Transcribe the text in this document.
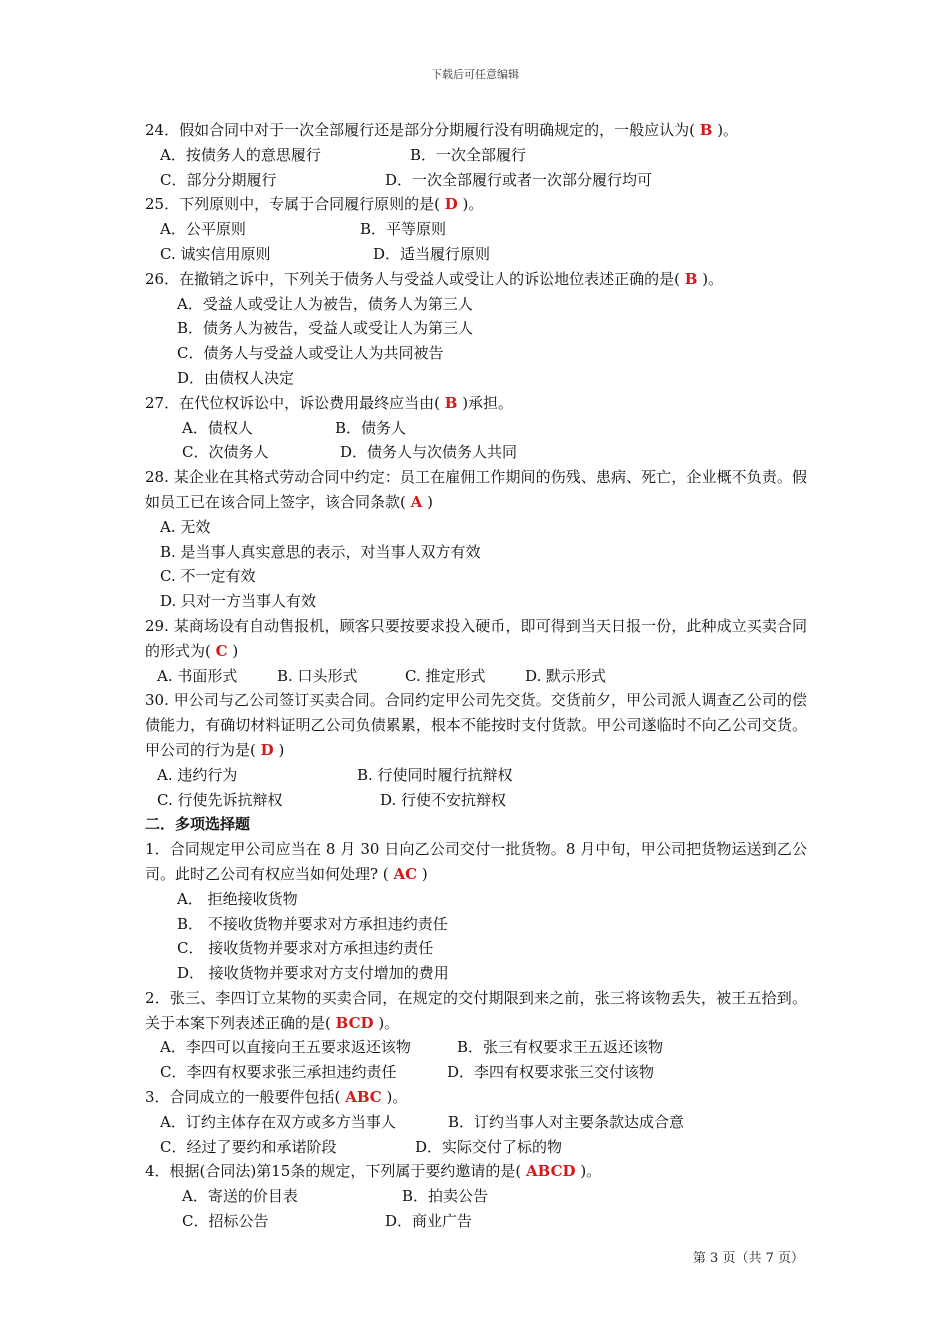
下载后可任意编辑
24．假如合同中对于一次全部履行还是部分分期履行没有明确规定的，一般应认为( B )。
A．按债务人的意思履行	B．一次全部履行
C．部分分期履行	D．一次全部履行或者一次部分履行均可
25．下列原则中，专属于合同履行原则的是( D )。
A．公平原则	B．平等原则
C. 诚实信用原则	D．适当履行原则
26．在撤销之诉中，下列关于债务人与受益人或受让人的诉讼地位表述正确的是( B )。
A．受益人或受让人为被告，债务人为第三人
B．债务人为被告，受益人或受让人为第三人
C．债务人与受益人或受让人为共同被告
D．由债权人决定
27．在代位权诉讼中，诉讼费用最终应当由( B )承担。
A．债权人	B．债务人
C．次债务人	D．债务人与次债务人共同
28. 某企业在其格式劳动合同中约定：员工在雇佣工作期间的伤残、患病、死亡，企业概不负责。假如员工已在该合同上签字，该合同条款( A )
A. 无效
B. 是当事人真实意思的表示，对当事人双方有效
C. 不一定有效
D. 只对一方当事人有效
29. 某商场设有自动售报机，顾客只要按要求投入硬币，即可得到当天日报一份，此种成立买卖合同的形式为( C )
A. 书面形式	B. 口头形式	C. 推定形式	D. 默示形式
30. 甲公司与乙公司签订买卖合同。合同约定甲公司先交货。交货前夕，甲公司派人调查乙公司的偿债能力，有确切材料证明乙公司负债累累，根本不能按时支付货款。甲公司遂临时不向乙公司交货。甲公司的行为是( D )
A. 违约行为	B. 行使同时履行抗辩权
C. 行使先诉抗辩权	D. 行使不安抗辩权
二．多项选择题
1．合同规定甲公司应当在 8 月 30 日向乙公司交付一批货物。8 月中旬，甲公司把货物运送到乙公司。此时乙公司有权应当如何处理? ( AC )
A． 拒绝接收货物
B． 不接收货物并要求对方承担违约责任
C． 接收货物并要求对方承担违约责任
D． 接收货物并要求对方支付增加的费用
2．张三、李四订立某物的买卖合同，在规定的交付期限到来之前，张三将该物丢失，被王五拾到。关于本案下列表述正确的是( BCD )。
A．李四可以直接向王五要求返还该物	B．张三有权要求王五返还该物
C．李四有权要求张三承担违约责任	D．李四有权要求张三交付该物
3．合同成立的一般要件包括( ABC )。
A．订约主体存在双方或多方当事人	B．订约当事人对主要条款达成合意
C．经过了要约和承诺阶段	D．实际交付了标的物
4．根据(合同法)第15条的规定，下列属于要约邀请的是( ABCD )。
A．寄送的价目表	B．拍卖公告
C．招标公告	D．商业广告
第 3 页（共 7 页）
